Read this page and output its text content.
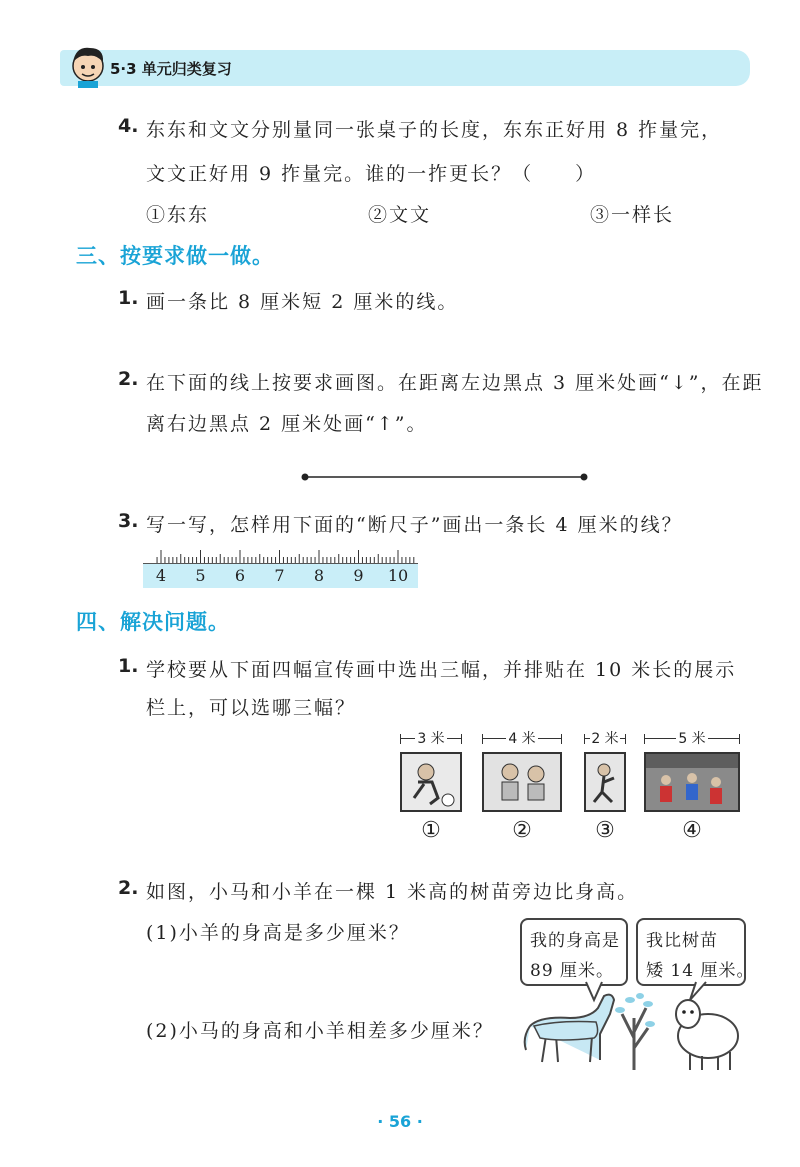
5·3 单元归类复习
4. 东东和文文分别量同一张桌子的长度，东东正好用 8 拃量完，
文文正好用 9 拃量完。谁的一拃更长？（　　）
①东东	②文文	③一样长
三、按要求做一做。
1. 画一条比 8 厘米短 2 厘米的线。
2. 在下面的线上按要求画图。在距离左边黑点 3 厘米处画“↓”，在距
离右边黑点 2 厘米处画“↑”。
3. 写一写，怎样用下面的“断尺子”画出一条长 4 厘米的线？
4 5 6 7 8 9 10
四、解决问题。
1. 学校要从下面四幅宣传画中选出三幅，并排贴在 10 米长的展示
栏上，可以选哪三幅？
3 米
①
4 米
②
2 米
③
5 米
④
2. 如图，小马和小羊在一棵 1 米高的树苗旁边比身高。
(1)小羊的身高是多少厘米？
(2)小马的身高和小羊相差多少厘米？
我的身高是
89 厘米。
我比树苗
矮 14 厘米。
· 56 ·
